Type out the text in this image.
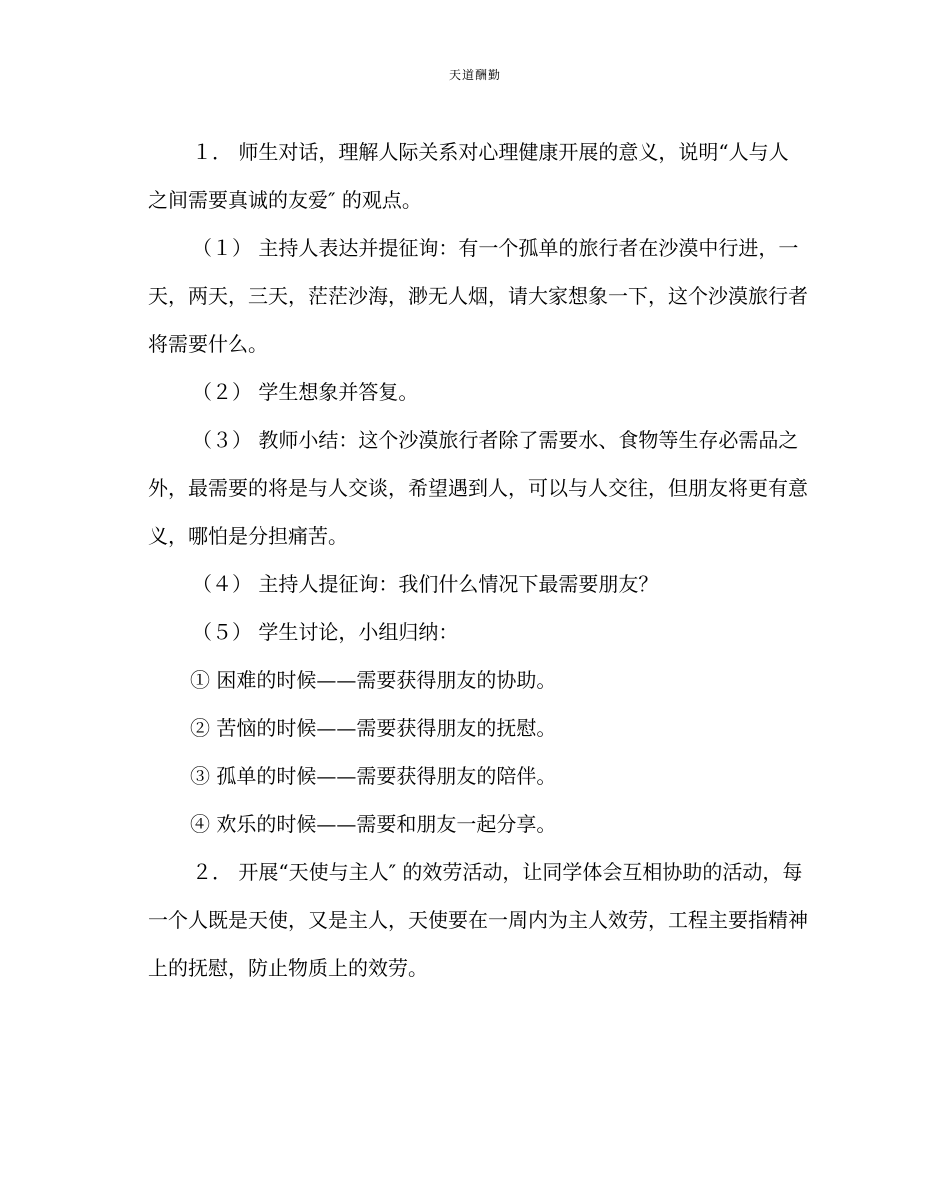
天道酬勤

１． 师生对话，理解人际关系对心理健康开展的意义，说明“人与人之间需要真诚的友爱″ 的观点。

（１） 主持人表达并提征询：有一个孤单的旅行者在沙漠中行进，一天，两天，三天，茫茫沙海，渺无人烟，请大家想象一下，这个沙漠旅行者将需要什么。

（２） 学生想象并答复。

（３） 教师小结：这个沙漠旅行者除了需要水、食物等生存必需品之外，最需要的将是与人交谈，希望遇到人，可以与人交往，但朋友将更有意义，哪怕是分担痛苦。

（４） 主持人提征询：我们什么情况下最需要朋友？

（５） 学生讨论，小组归纳：

① 困难的时候——需要获得朋友的协助。

② 苦恼的时候——需要获得朋友的抚慰。

③ 孤单的时候——需要获得朋友的陪伴。

④ 欢乐的时候——需要和朋友一起分享。

２． 开展“天使与主人″ 的效劳活动，让同学体会互相协助的活动，每一个人既是天使，又是主人，天使要在一周内为主人效劳，工程主要指精神上的抚慰，防止物质上的效劳。
